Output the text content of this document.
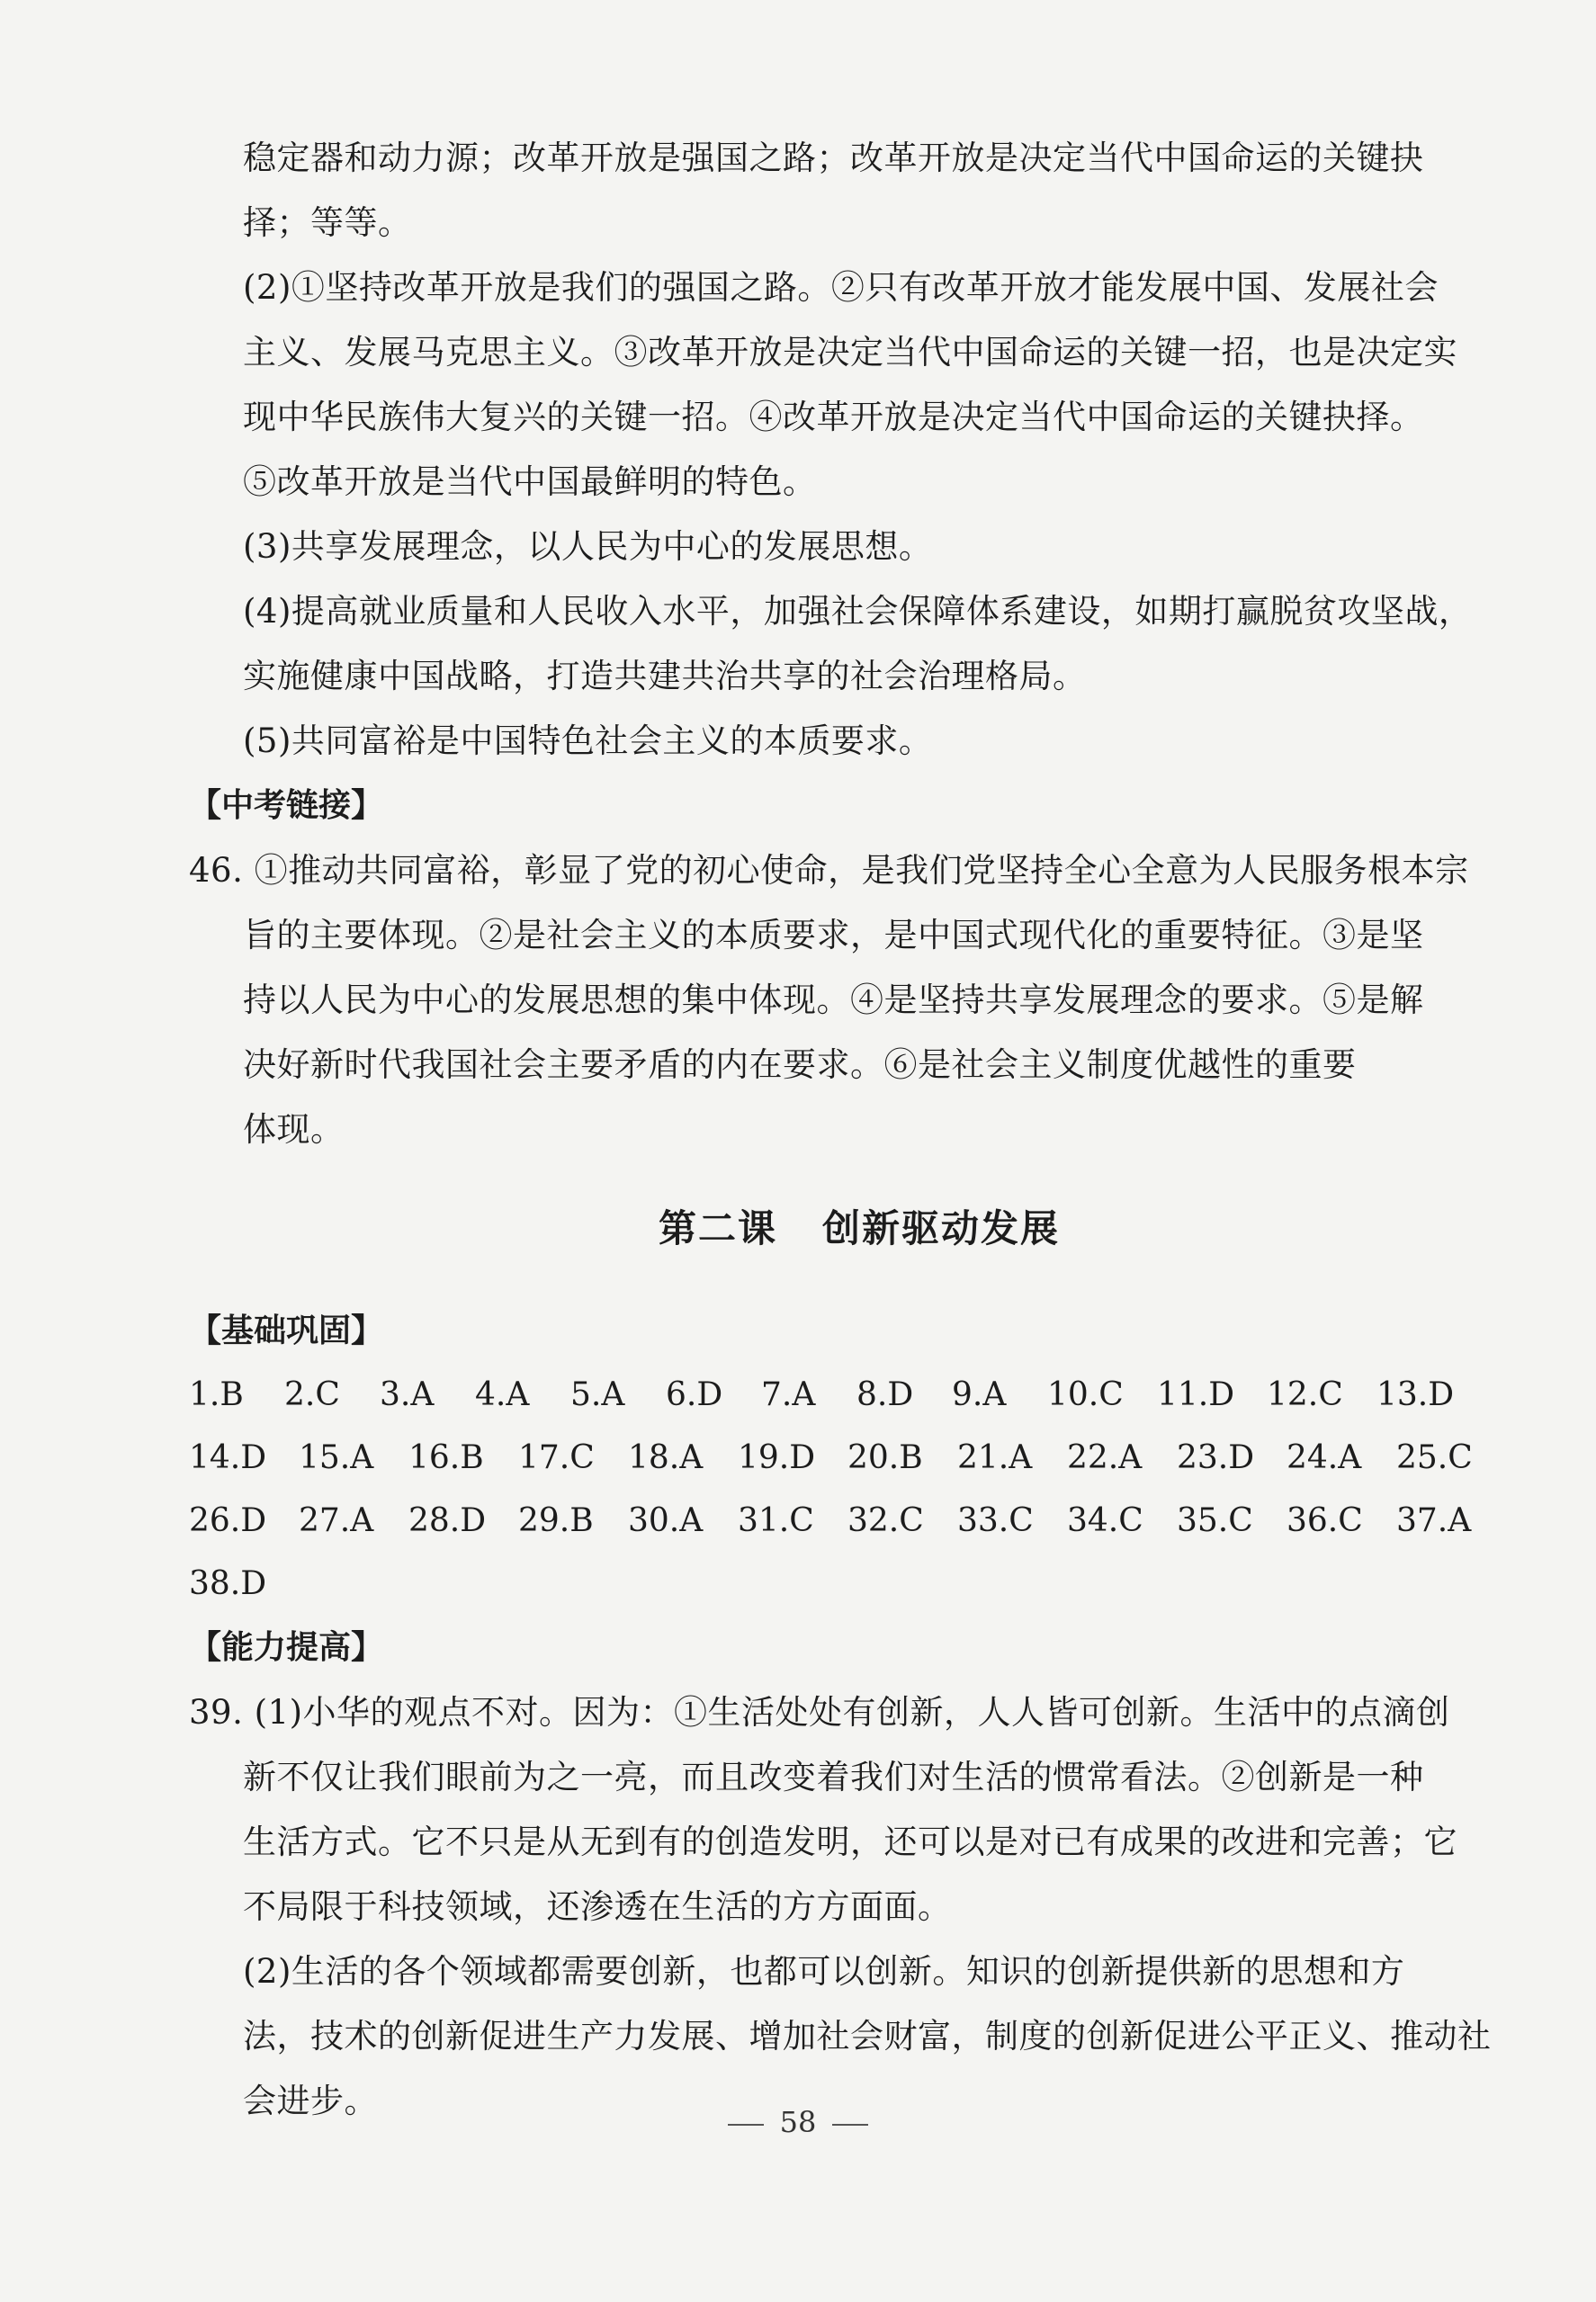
稳定器和动力源；改革开放是强国之路；改革开放是决定当代中国命运的关键抉
择；等等。
(2)①坚持改革开放是我们的强国之路。②只有改革开放才能发展中国、发展社会
主义、发展马克思主义。③改革开放是决定当代中国命运的关键一招，也是决定实
现中华民族伟大复兴的关键一招。④改革开放是决定当代中国命运的关键抉择。
⑤改革开放是当代中国最鲜明的特色。
(3)共享发展理念，以人民为中心的发展思想。
(4)提高就业质量和人民收入水平，加强社会保障体系建设，如期打赢脱贫攻坚战，
实施健康中国战略，打造共建共治共享的社会治理格局。
(5)共同富裕是中国特色社会主义的本质要求。
【中考链接】
46. ①推动共同富裕，彰显了党的初心使命，是我们党坚持全心全意为人民服务根本宗
旨的主要体现。②是社会主义的本质要求，是中国式现代化的重要特征。③是坚
持以人民为中心的发展思想的集中体现。④是坚持共享发展理念的要求。⑤是解
决好新时代我国社会主要矛盾的内在要求。⑥是社会主义制度优越性的重要
体现。
第二课 创新驱动发展
【基础巩固】
1.B 2.C 3.A 4.A 5.A 6.D 7.A 8.D 9.A 10.C 11.D 12.C 13.D
14.D 15.A 16.B 17.C 18.A 19.D 20.B 21.A 22.A 23.D 24.A 25.C
26.D 27.A 28.D 29.B 30.A 31.C 32.C 33.C 34.C 35.C 36.C 37.A
38.D
【能力提高】
39. (1)小华的观点不对。因为：①生活处处有创新，人人皆可创新。生活中的点滴创
新不仅让我们眼前为之一亮，而且改变着我们对生活的惯常看法。②创新是一种
生活方式。它不只是从无到有的创造发明，还可以是对已有成果的改进和完善；它
不局限于科技领域，还渗透在生活的方方面面。
(2)生活的各个领域都需要创新，也都可以创新。知识的创新提供新的思想和方
法，技术的创新促进生产力发展、增加社会财富，制度的创新促进公平正义、推动社
会进步。
58
